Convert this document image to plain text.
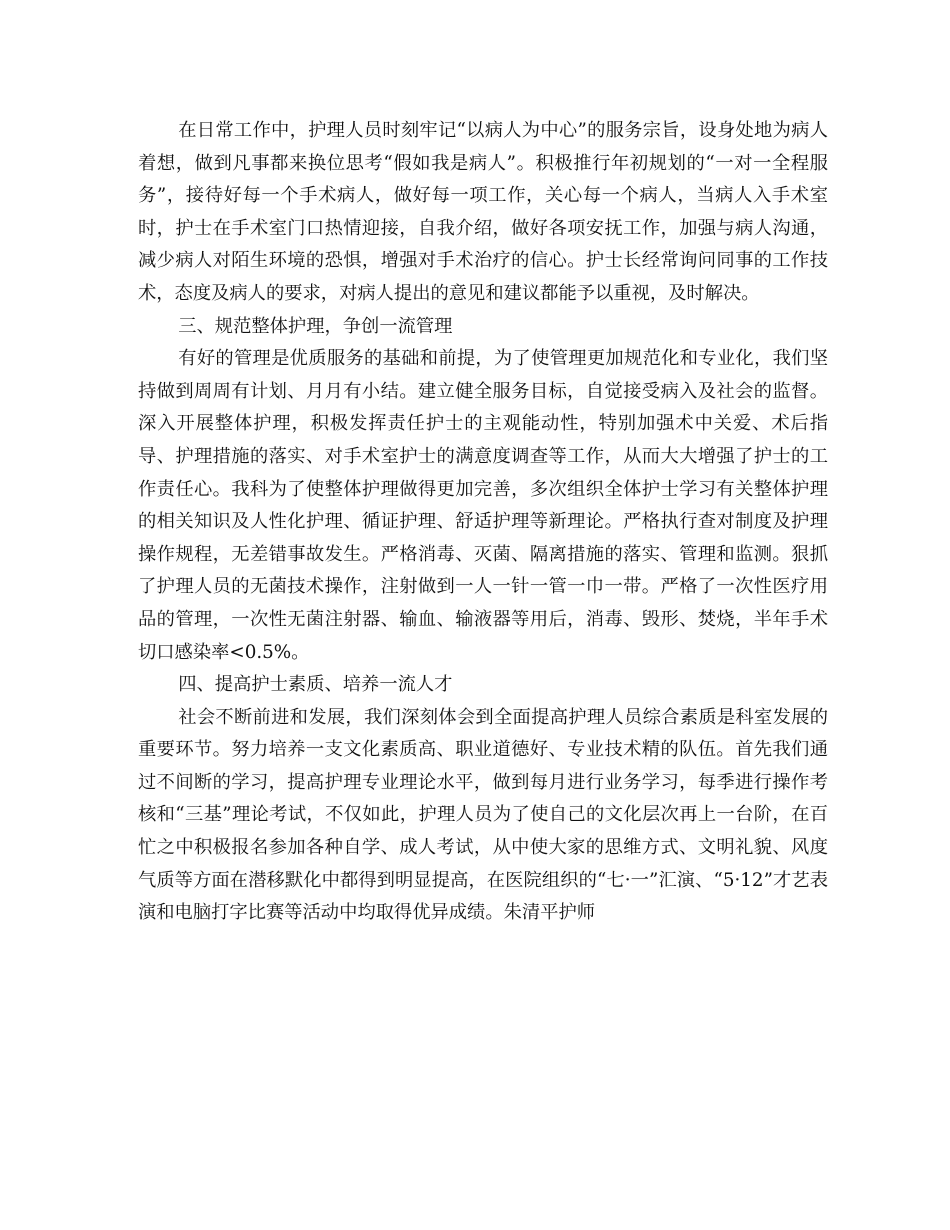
在日常工作中，护理人员时刻牢记“以病人为中心”的服务宗旨，设身处地为病人着想，做到凡事都来换位思考“假如我是病人”。积极推行年初规划的“一对一全程服务”，接待好每一个手术病人，做好每一项工作，关心每一个病人，当病人入手术室时，护士在手术室门口热情迎接，自我介绍，做好各项安抚工作，加强与病人沟通，减少病人对陌生环境的恐惧，增强对手术治疗的信心。护士长经常询问同事的工作技术，态度及病人的要求，对病人提出的意见和建议都能予以重视，及时解决。

三、规范整体护理，争创一流管理

有好的管理是优质服务的基础和前提，为了使管理更加规范化和专业化，我们坚持做到周周有计划、月月有小结。建立健全服务目标，自觉接受病入及社会的监督。深入开展整体护理，积极发挥责任护士的主观能动性，特别加强术中关爱、术后指导、护理措施的落实、对手术室护士的满意度调查等工作，从而大大增强了护士的工作责任心。我科为了使整体护理做得更加完善，多次组织全体护士学习有关整体护理的相关知识及人性化护理、循证护理、舒适护理等新理论。严格执行查对制度及护理操作规程，无差错事故发生。严格消毒、灭菌、隔离措施的落实、管理和监测。狠抓了护理人员的无菌技术操作，注射做到一人一针一管一巾一带。严格了一次性医疗用品的管理，一次性无菌注射器、输血、输液器等用后，消毒、毁形、焚烧，半年手术切口感染率<0.5%。

四、提高护士素质、培养一流人才

社会不断前进和发展，我们深刻体会到全面提高护理人员综合素质是科室发展的重要环节。努力培养一支文化素质高、职业道德好、专业技术精的队伍。首先我们通过不间断的学习，提高护理专业理论水平，做到每月进行业务学习，每季进行操作考核和“三基”理论考试，不仅如此，护理人员为了使自己的文化层次再上一台阶，在百忙之中积极报名参加各种自学、成人考试，从中使大家的思维方式、文明礼貌、风度气质等方面在潜移默化中都得到明显提高，在医院组织的“七·一”汇演、“5·12”才艺表演和电脑打字比赛等活动中均取得优异成绩。朱清平护师
